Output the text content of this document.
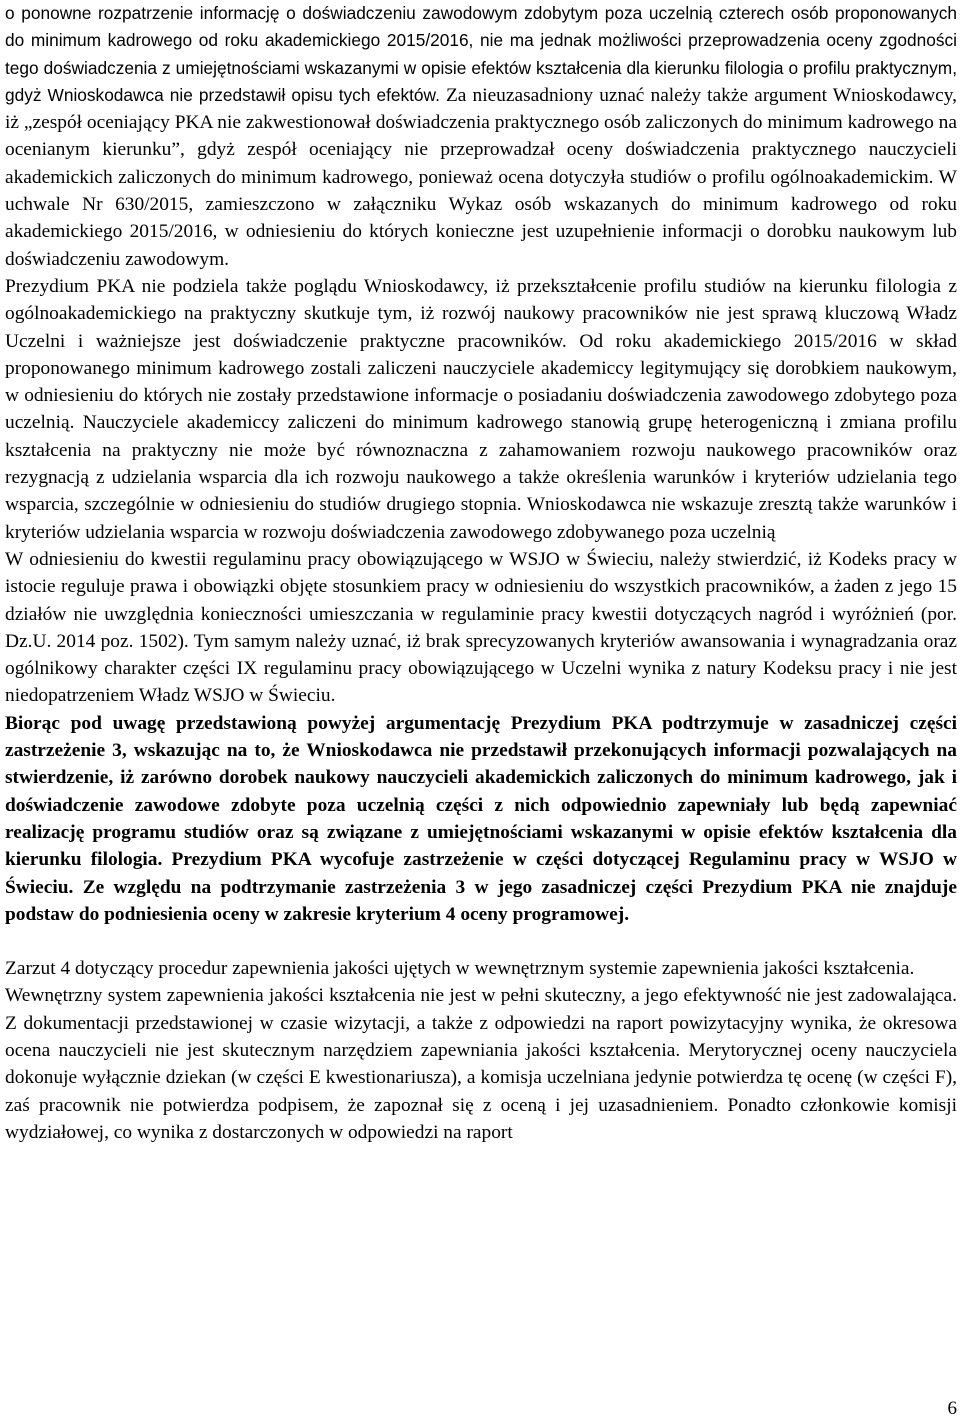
o ponowne rozpatrzenie informację o doświadczeniu zawodowym zdobytym poza uczelnią czterech osób proponowanych do minimum kadrowego od roku akademickiego 2015/2016, nie ma jednak możliwości przeprowadzenia oceny zgodności tego doświadczenia z umiejętnościami wskazanymi w opisie efektów kształcenia dla kierunku filologia o profilu praktycznym, gdyż Wnioskodawca nie przedstawił opisu tych efektów. Za nieuzasadniony uznać należy także argument Wnioskodawcy, iż „zespół oceniający PKA nie zakwestionował doświadczenia praktycznego osób zaliczonych do minimum kadrowego na ocenianym kierunku”, gdyż zespół oceniający nie przeprowadzał oceny doświadczenia praktycznego nauczycieli akademickich zaliczonych do minimum kadrowego, ponieważ ocena dotyczyła studiów o profilu ogólnoakademickim. W uchwale Nr 630/2015, zamieszczono w załączniku Wykaz osób wskazanych do minimum kadrowego od roku akademickiego 2015/2016, w odniesieniu do których konieczne jest uzupełnienie informacji o dorobku naukowym lub doświadczeniu zawodowym.

Prezydium PKA nie podziela także poglądu Wnioskodawcy, iż przekształcenie profilu studiów na kierunku filologia z ogólnoakademickiego na praktyczny skutkuje tym, iż rozwój naukowy pracowników nie jest sprawą kluczową Władz Uczelni i ważniejsze jest doświadczenie praktyczne pracowników. Od roku akademickiego 2015/2016 w skład proponowanego minimum kadrowego zostali zaliczeni nauczyciele akademiccy legitymujący się dorobkiem naukowym, w odniesieniu do których nie zostały przedstawione informacje o posiadaniu doświadczenia zawodowego zdobytego poza uczelnią. Nauczyciele akademiccy zaliczeni do minimum kadrowego stanowią grupę heterogeniczną i zmiana profilu kształcenia na praktyczny nie może być równoznaczna z zahamowaniem rozwoju naukowego pracowników oraz rezygnacją z udzielania wsparcia dla ich rozwoju naukowego a także określenia warunków i kryteriów udzielania tego wsparcia, szczególnie w odniesieniu do studiów drugiego stopnia. Wnioskodawca nie wskazuje zresztą także warunków i kryteriów udzielania wsparcia w rozwoju doświadczenia zawodowego zdobywanego poza uczelnią

W odniesieniu do kwestii regulaminu pracy obowiązującego w WSJO w Świeciu, należy stwierdzić, iż Kodeks pracy w istocie reguluje prawa i obowiązki objęte stosunkiem pracy w odniesieniu do wszystkich pracowników, a żaden z jego 15 działów nie uwzględnia konieczności umieszczania w regulaminie pracy kwestii dotyczących nagród i wyróżnień (por. Dz.U. 2014 poz. 1502). Tym samym należy uznać, iż brak sprecyzowanych kryteriów awansowania i wynagradzania oraz ogólnikowy charakter części IX regulaminu pracy obowiązującego w Uczelni wynika z natury Kodeksu pracy i nie jest niedopatrzeniem Władz WSJO w Świeciu.

Biorąc pod uwagę przedstawioną powyżej argumentację Prezydium PKA podtrzymuje w zasadniczej części zastrzeżenie 3, wskazując na to, że Wnioskodawca nie przedstawił przekonujących informacji pozwalających na stwierdzenie, iż zarówno dorobek naukowy nauczycieli akademickich zaliczonych do minimum kadrowego, jak i doświadczenie zawodowe zdobyte poza uczelnią części z nich odpowiednio zapewniały lub będą zapewniać realizację programu studiów oraz są związane z umiejętnościami wskazanymi w opisie efektów kształcenia dla kierunku filologia. Prezydium PKA wycofuje zastrzeżenie w części dotyczącej Regulaminu pracy w WSJO w Świeciu. Ze względu na podtrzymanie zastrzeżenia 3 w jego zasadniczej części Prezydium PKA nie znajduje podstaw do podniesienia oceny w zakresie kryterium 4 oceny programowej.

Zarzut 4 dotyczący procedur zapewnienia jakości ujętych w wewnętrznym systemie zapewnienia jakości kształcenia.

Wewnętrzny system zapewnienia jakości kształcenia nie jest w pełni skuteczny, a jego efektywność nie jest zadowalająca. Z dokumentacji przedstawionej w czasie wizytacji, a także z odpowiedzi na raport powizytacyjny wynika, że okresowa ocena nauczycieli nie jest skutecznym narzędziem zapewniania jakości kształcenia. Merytorycznej oceny nauczyciela dokonuje wyłącznie dziekan (w części E kwestionariusza), a komisja uczelniana jedynie potwierdza tę ocenę (w części F), zaś pracownik nie potwierdza podpisem, że zapoznał się z oceną i jej uzasadnieniem. Ponadto członkowie komisji wydziałowej, co wynika z dostarczonych w odpowiedzi na raport

6
